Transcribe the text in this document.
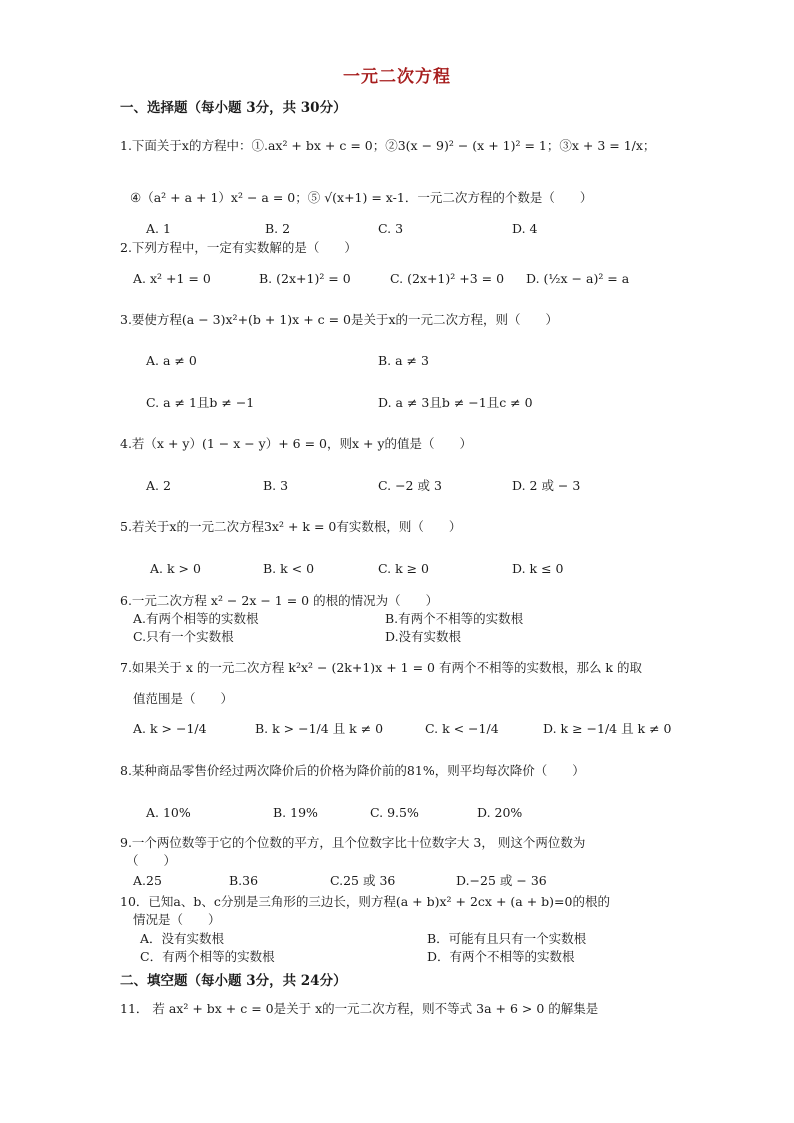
一元二次方程
一、选择题（每小题 3分，共 30分）
1.下面关于x的方程中：①.ax² + bx + c = 0；②3(x − 9)² − (x + 1)² = 1；③x + 3 = 1/x；
④（a² + a + 1）x² − a = 0；⑤ √(x+1) = x-1．一元二次方程的个数是（　　）
A. 1	B. 2	C. 3	D. 4
2.下列方程中，一定有实数解的是（　　）
A. x² +1 = 0	B. (2x+1)² = 0	C. (2x+1)² +3 = 0 D. (½x − a)² = a
3.要使方程(a − 3)x²+(b + 1)x + c = 0是关于x的一元二次方程，则（　　）
A. a ≠ 0	B. a ≠ 3
C. a ≠ 1且b ≠ −1	D. a ≠ 3且b ≠ −1且c ≠ 0
4.若（x + y）(1 − x − y）+ 6 = 0，则x + y的值是（　　）
A. 2	B. 3	C. −2 或 3	D. 2 或 − 3
5.若关于x的一元二次方程3x² + k = 0有实数根，则（　　）
A. k > 0	B. k < 0	C. k ≥ 0	D. k ≤ 0
6.一元二次方程 x² − 2x − 1 = 0 的根的情况为（　　）
A.有两个相等的实数根	B.有两个不相等的实数根
C.只有一个实数根	D.没有实数根
7.如果关于 x 的一元二次方程 k²x² − (2k+1)x + 1 = 0 有两个不相等的实数根，那么 k 的取
值范围是（　　）
A. k > −1/4	B. k > −1/4 且 k ≠ 0	C. k < −1/4	D. k ≥ −1/4 且 k ≠ 0
8.某种商品零售价经过两次降价后的价格为降价前的81%，则平均每次降价（　　）
A. 10%	B. 19%	C. 9.5%	D. 20%
9.一个两位数等于它的个位数的平方，且个位数字比十位数字大 3， 则这个两位数为
（　　）
A.25	B.36	C.25 或 36	D.−25 或 − 36
10．已知a、b、c分别是三角形的三边长，则方程(a + b)x² + 2cx + (a + b)=0的根的
情况是（　　）
A．没有实数根	B．可能有且只有一个实数根
C．有两个相等的实数根	D．有两个不相等的实数根
二、填空题（每小题 3分，共 24分）
11． 若 ax² + bx + c = 0是关于 x的一元二次方程，则不等式 3a + 6 > 0 的解集是
